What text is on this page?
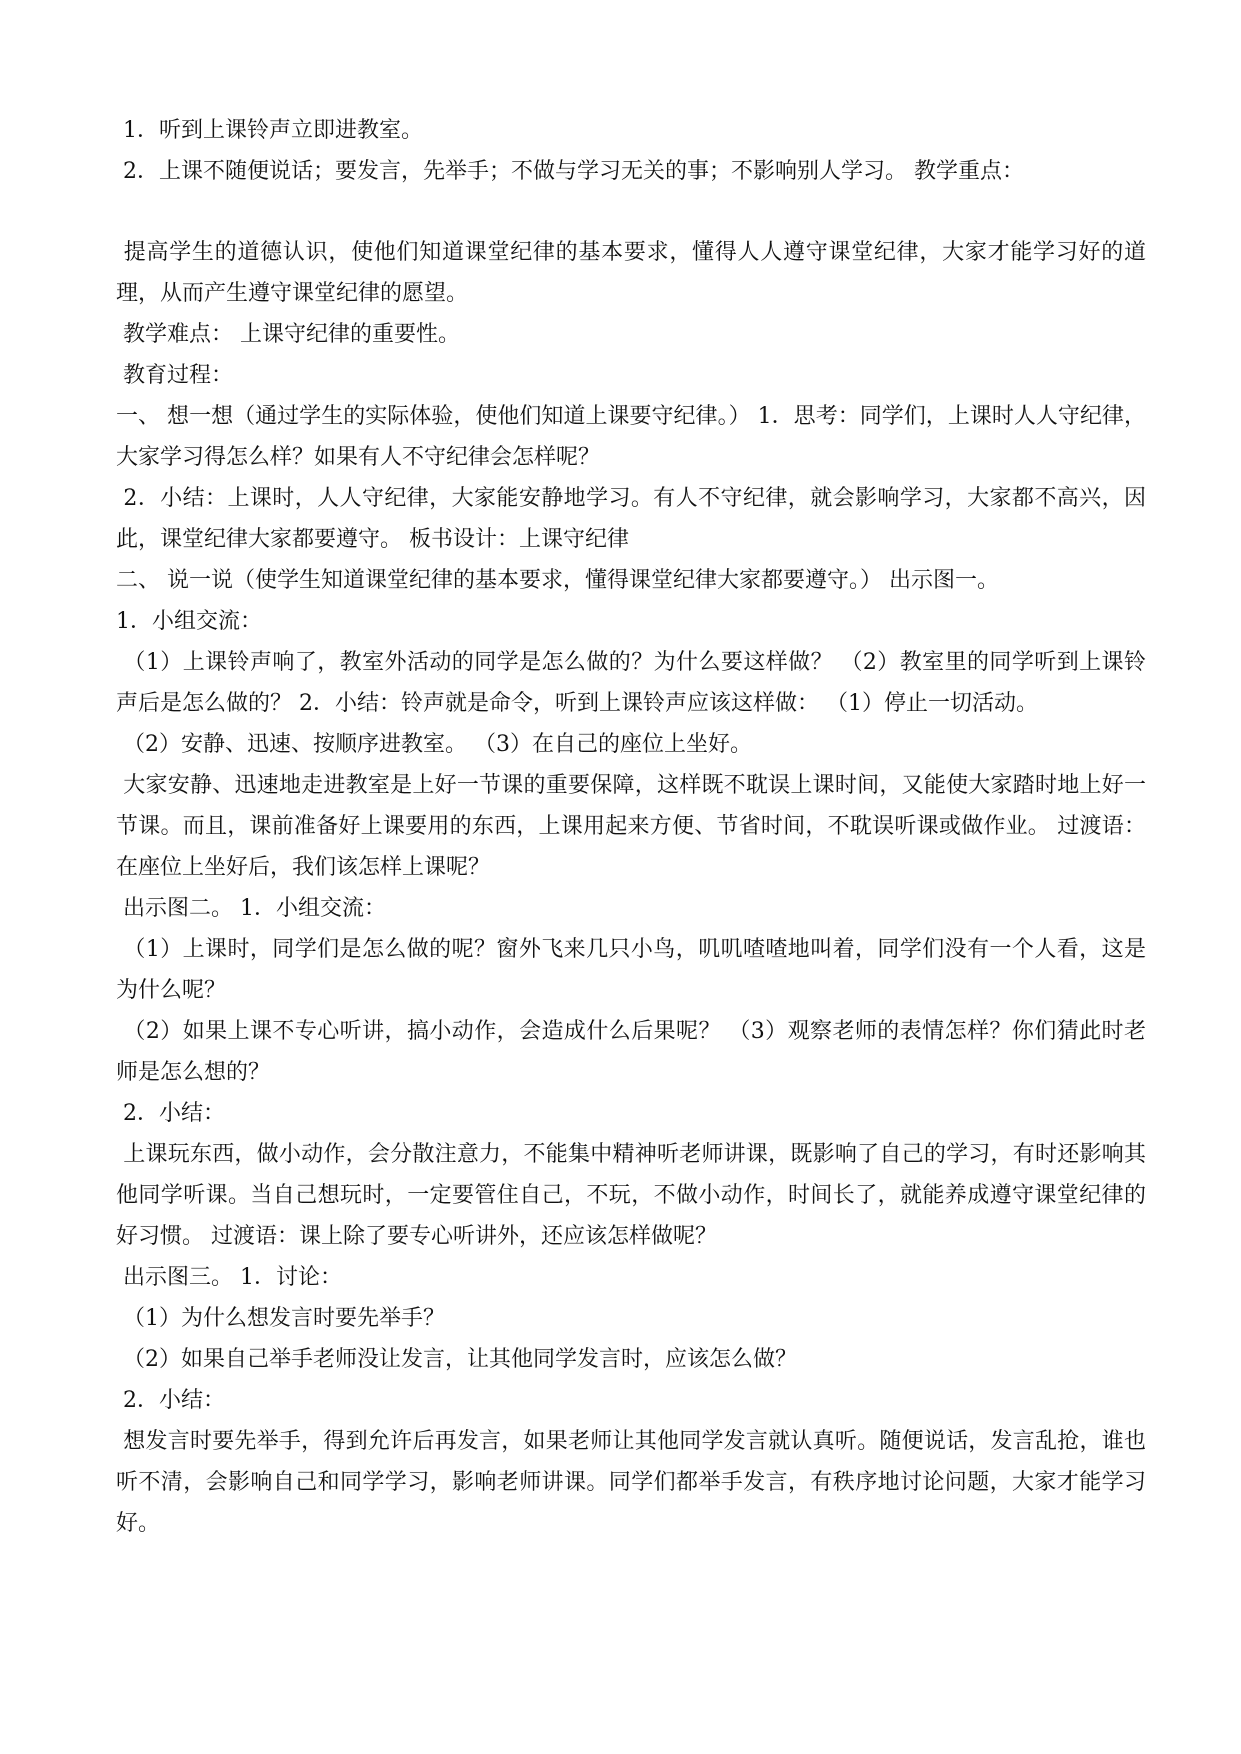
1．听到上课铃声立即进教室。

2．上课不随便说话；要发言，先举手；不做与学习无关的事；不影响别人学习。 教学重点：

提高学生的道德认识，使他们知道课堂纪律的基本要求，懂得人人遵守课堂纪律，大家才能学习好的道理，从而产生遵守课堂纪律的愿望。

教学难点： 上课守纪律的重要性。

教育过程：

一、 想一想（通过学生的实际体验，使他们知道上课要守纪律。） 1．思考：同学们，上课时人人守纪律，大家学习得怎么样？如果有人不守纪律会怎样呢？

2．小结：上课时，人人守纪律，大家能安静地学习。有人不守纪律，就会影响学习，大家都不高兴，因此，课堂纪律大家都要遵守。 板书设计：上课守纪律

二、 说一说（使学生知道课堂纪律的基本要求，懂得课堂纪律大家都要遵守。） 出示图一。

1．小组交流：

（1）上课铃声响了，教室外活动的同学是怎么做的？为什么要这样做？ （2）教室里的同学听到上课铃声后是怎么做的？ 2．小结：铃声就是命令，听到上课铃声应该这样做： （1）停止一切活动。

（2）安静、迅速、按顺序进教室。 （3）在自己的座位上坐好。

大家安静、迅速地走进教室是上好一节课的重要保障，这样既不耽误上课时间，又能使大家踏时地上好一节课。而且，课前准备好上课要用的东西，上课用起来方便、节省时间，不耽误听课或做作业。 过渡语：在座位上坐好后，我们该怎样上课呢？

出示图二。 1．小组交流：

（1）上课时，同学们是怎么做的呢？窗外飞来几只小鸟，叽叽喳喳地叫着，同学们没有一个人看，这是为什么呢？

（2）如果上课不专心听讲，搞小动作，会造成什么后果呢？ （3）观察老师的表情怎样？你们猜此时老师是怎么想的？

2．小结：

上课玩东西，做小动作，会分散注意力，不能集中精神听老师讲课，既影响了自己的学习，有时还影响其他同学听课。当自己想玩时，一定要管住自己，不玩，不做小动作，时间长了，就能养成遵守课堂纪律的好习惯。 过渡语：课上除了要专心听讲外，还应该怎样做呢？

出示图三。 1．讨论：

（1）为什么想发言时要先举手？

（2）如果自己举手老师没让发言，让其他同学发言时，应该怎么做？

2．小结：

想发言时要先举手，得到允许后再发言，如果老师让其他同学发言就认真听。随便说话，发言乱抢，谁也听不清，会影响自己和同学学习，影响老师讲课。同学们都举手发言，有秩序地讨论问题，大家才能学习好。
